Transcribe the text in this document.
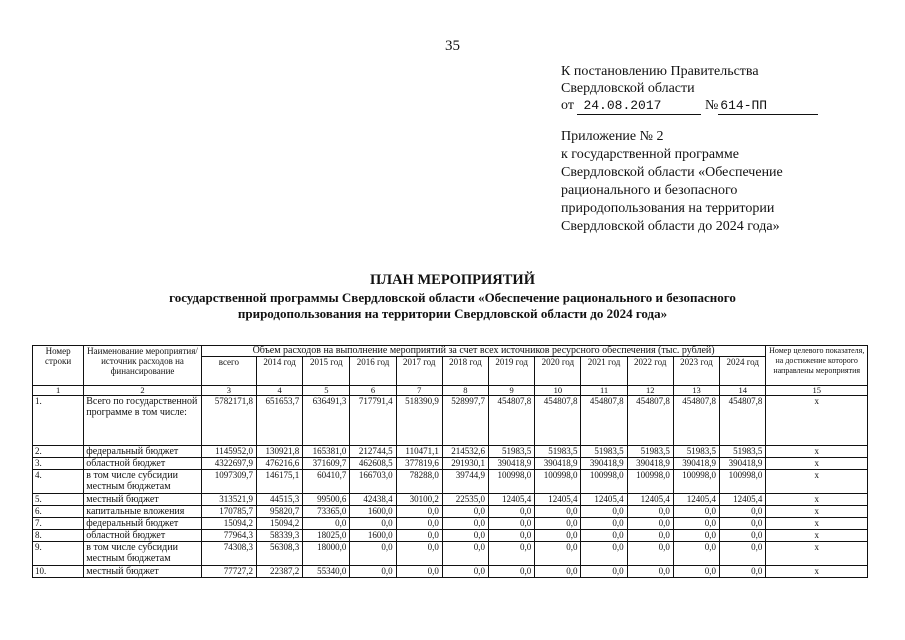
35
К постановлению Правительства
Свердловской области
от 24.08.2017	№ 614-ПП
Приложение № 2
к государственной программе
Свердловской области «Обеспечение
рационального и безопасного
природопользования на территории
Свердловской области до 2024 года»
ПЛАН МЕРОПРИЯТИЙ
государственной программы Свердловской области «Обеспечение рационального и безопасного
природопользования на территории Свердловской области до 2024 года»
Номер строки	Наименование мероприятия/источник расходов на финансирование	Объем расходов на выполнение мероприятий за счет всех источников ресурсного обеспечения (тыс. рублей)												Номер целевого показателя, на достижение которого направлены мероприятия
		всего	2014 год	2015 год	2016 год	2017 год	2018 год	2019 год	2020 год	2021 год	2022 год	2023 год	2024 год	
1	2	3	4	5	6	7	8	9	10	11	12	13	14	15
1.	Всего по государственной программе в том числе:	5782171,8	651653,7	636491,3	717791,4	518390,9	528997,7	454807,8	454807,8	454807,8	454807,8	454807,8	454807,8	х
2.	федеральный бюджет	1145952,0	130921,8	165381,0	212744,5	110471,1	214532,6	51983,5	51983,5	51983,5	51983,5	51983,5	51983,5	х
3.	областной бюджет	4322697,9	476216,6	371609,7	462608,5	377819,6	291930,1	390418,9	390418,9	390418,9	390418,9	390418,9	390418,9	х
4.	в том числе субсидии местным бюджетам	1097309,7	146175,1	60410,7	166703,0	78288,0	39744,9	100998,0	100998,0	100998,0	100998,0	100998,0	100998,0	х
5.	местный бюджет	313521,9	44515,3	99500,6	42438,4	30100,2	22535,0	12405,4	12405,4	12405,4	12405,4	12405,4	12405,4	х
6.	капитальные вложения	170785,7	95820,7	73365,0	1600,0	0,0	0,0	0,0	0,0	0,0	0,0	0,0	0,0	х
7.	федеральный бюджет	15094,2	15094,2	0,0	0,0	0,0	0,0	0,0	0,0	0,0	0,0	0,0	0,0	х
8.	областной бюджет	77964,3	58339,3	18025,0	1600,0	0,0	0,0	0,0	0,0	0,0	0,0	0,0	0,0	х
9.	в том числе субсидии местным бюджетам	74308,3	56308,3	18000,0	0,0	0,0	0,0	0,0	0,0	0,0	0,0	0,0	0,0	х
10.	местный бюджет	77727,2	22387,2	55340,0	0,0	0,0	0,0	0,0	0,0	0,0	0,0	0,0	0,0	х
